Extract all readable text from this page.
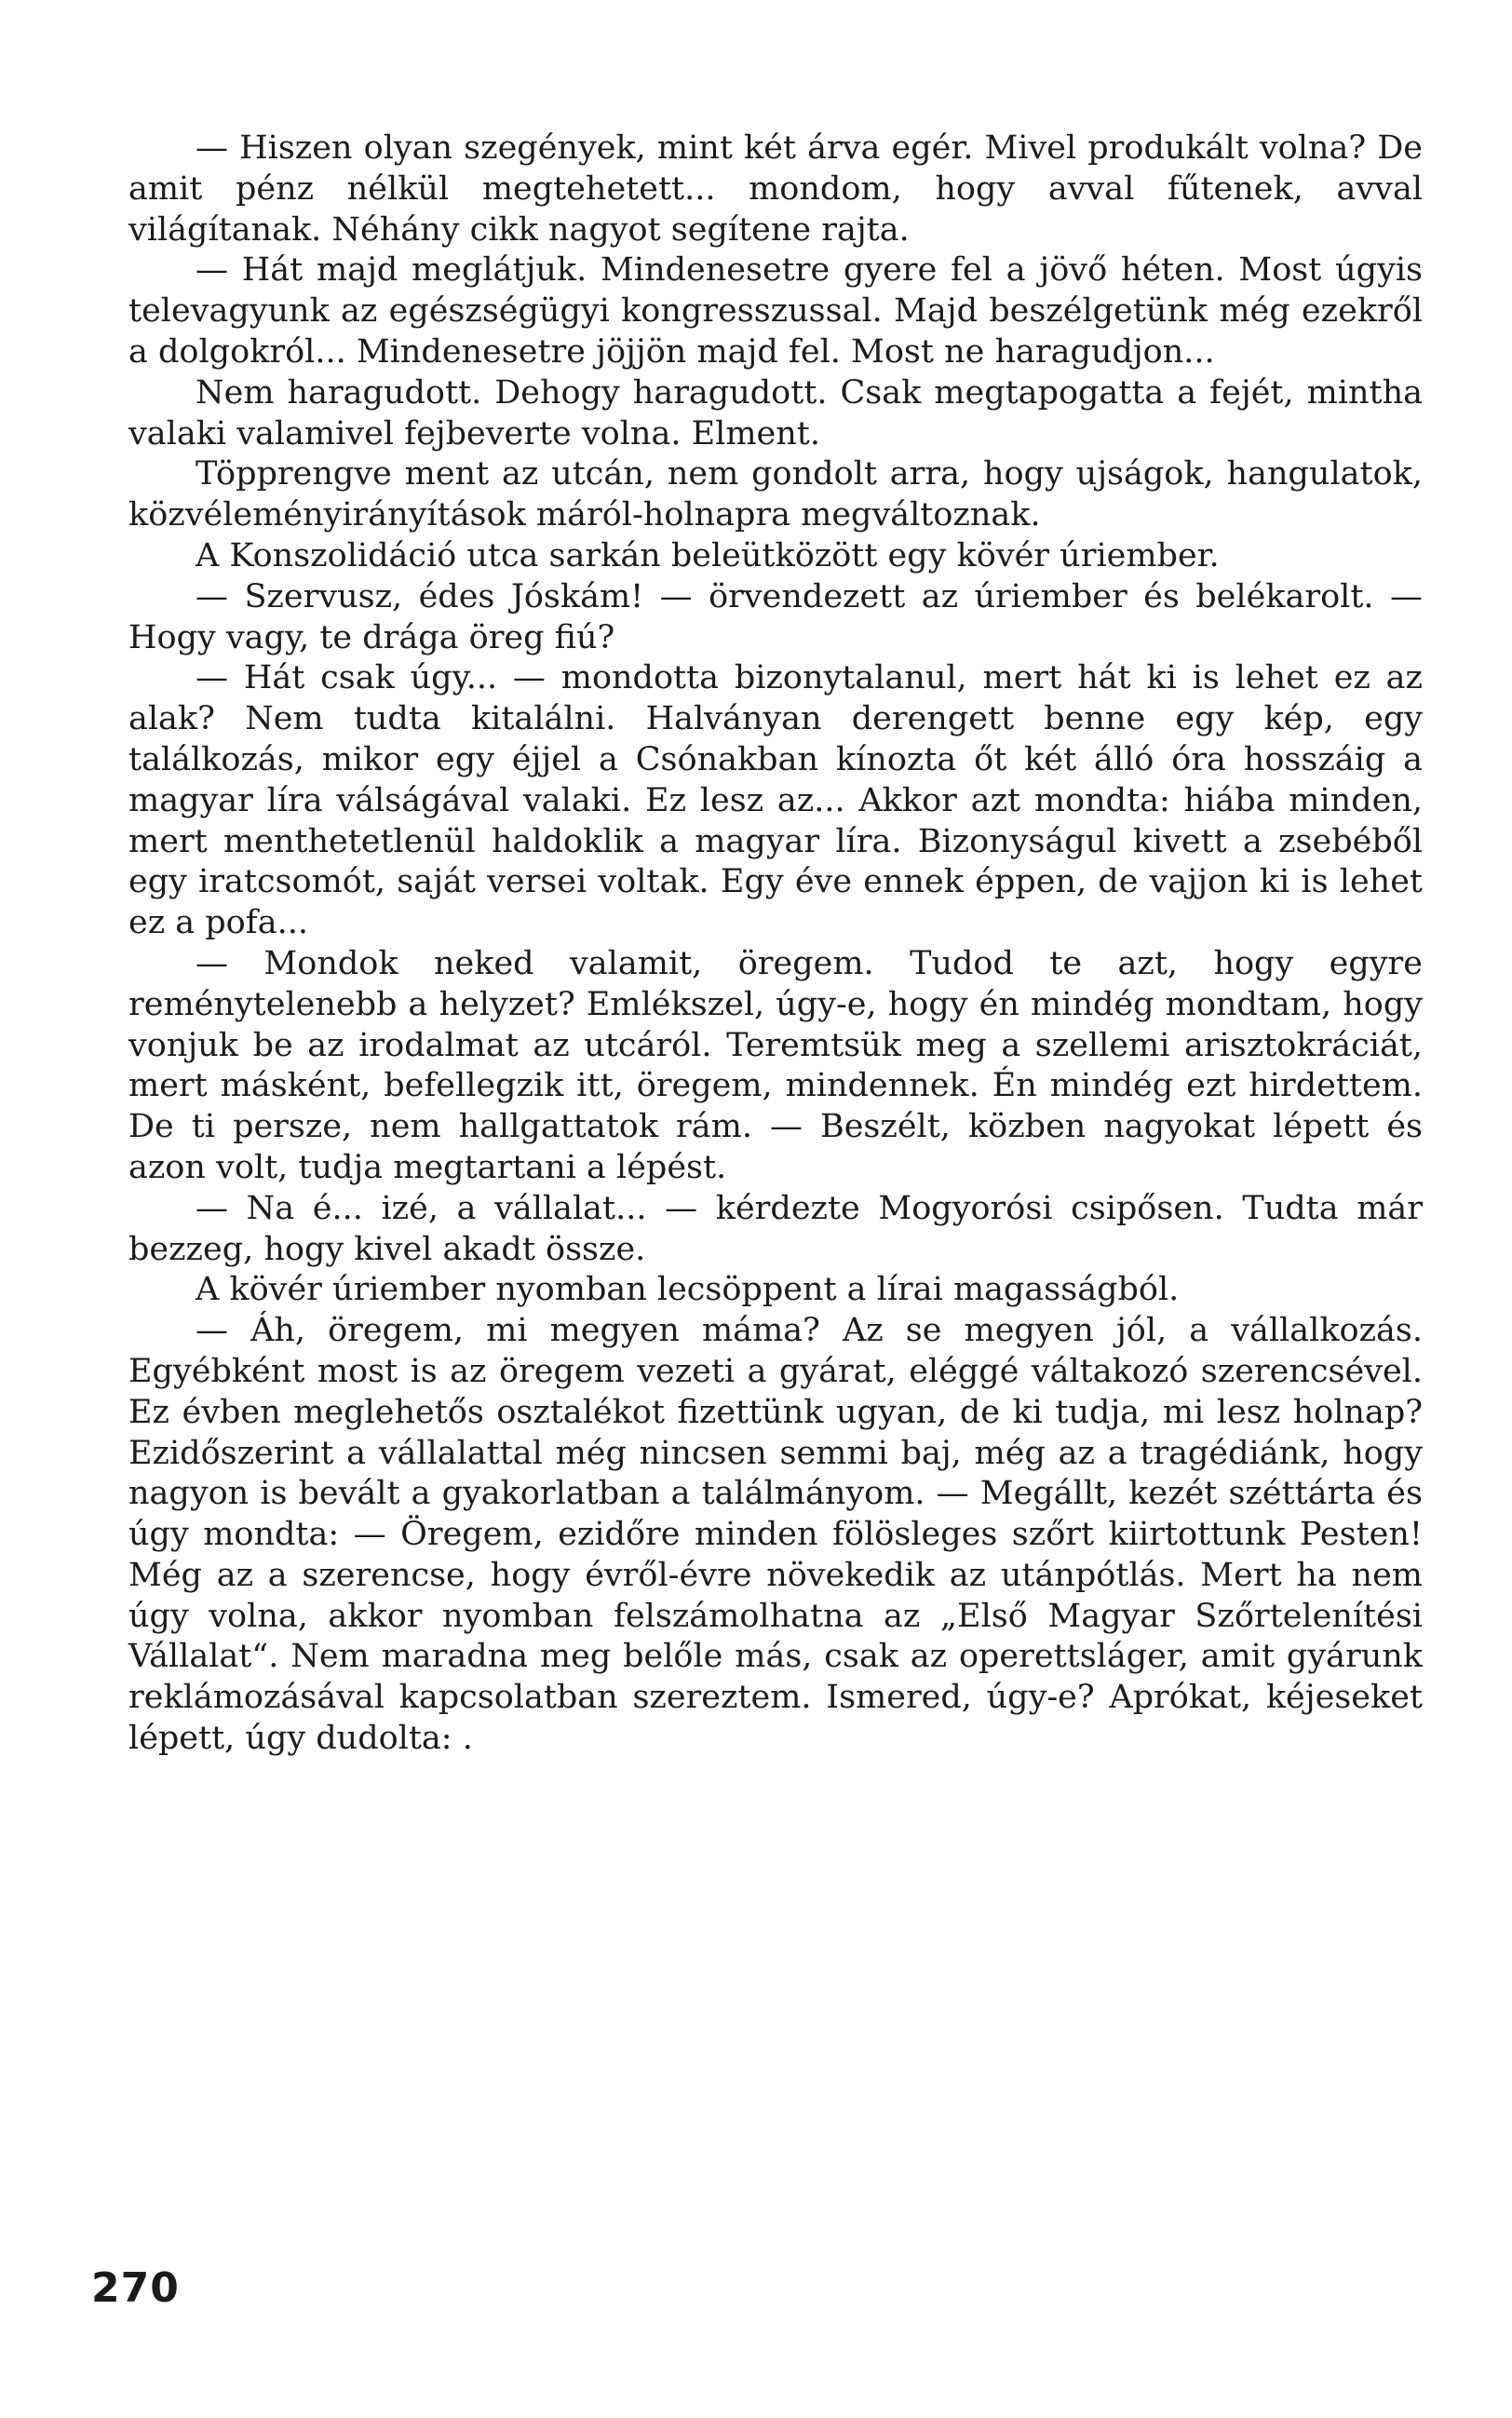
— Hiszen olyan szegények, mint két árva egér. Mivel produkált volna? De amit pénz nélkül megtehetett... mondom, hogy avval fűtenek, avval világítanak. Néhány cikk nagyot segítene rajta.

— Hát majd meglátjuk. Mindenesetre gyere fel a jövő héten. Most úgyis televagyunk az egészségügyi kongresszussal. Majd beszélgetünk még ezekről a dolgokról... Mindenesetre jöjjön majd fel. Most ne haragudjon...

Nem haragudott. Dehogy haragudott. Csak megtapogatta a fejét, mintha valaki valamivel fejbeverte volna. Elment.

Töpprengve ment az utcán, nem gondolt arra, hogy ujságok, hangulatok, közvéleményirányítások máról-holnapra megváltoznak.

A Konszolidáció utca sarkán beleütközött egy kövér úriember.

— Szervusz, édes Jóskám! — örvendezett az úriember és belékarolt. — Hogy vagy, te drága öreg fiú?

— Hát csak úgy... — mondotta bizonytalanul, mert hát ki is lehet ez az alak? Nem tudta kitalálni. Halványan derengett benne egy kép, egy találkozás, mikor egy éjjel a Csónakban kínozta őt két álló óra hosszáig a magyar líra válságával valaki. Ez lesz az... Akkor azt mondta: hiába minden, mert menthetetlenül haldoklik a magyar líra. Bizonyságul kivett a zsebéből egy iratcsomót, saját versei voltak. Egy éve ennek éppen, de vajjon ki is lehet ez a pofa...

— Mondok neked valamit, öregem. Tudod te azt, hogy egyre reménytelenebb a helyzet? Emlékszel, úgy-e, hogy én mindég mondtam, hogy vonjuk be az irodalmat az utcáról. Teremtsük meg a szellemi arisztokráciát, mert másként, befellegzik itt, öregem, mindennek. Én mindég ezt hirdettem. De ti persze, nem hallgattatok rám. — Beszélt, közben nagyokat lépett és azon volt, tudja megtartani a lépést.

— Na é... izé, a vállalat... — kérdezte Mogyorósi csipősen. Tudta már bezzeg, hogy kivel akadt össze.

A kövér úriember nyomban lecsöppent a lírai magasságból.

— Áh, öregem, mi megyen máma? Az se megyen jól, a vállalkozás. Egyébként most is az öregem vezeti a gyárat, eléggé váltakozó szerencsével. Ez évben meglehetős osztalékot fizettünk ugyan, de ki tudja, mi lesz holnap? Ezidőszerint a vállalattal még nincsen semmi baj, még az a tragédiánk, hogy nagyon is bevált a gyakorlatban a találmányom. — Megállt, kezét széttárta és úgy mondta: — Öregem, ezidőre minden fölösleges szőrt kiirtottunk Pesten! Még az a szerencse, hogy évről-évre növekedik az utánpótlás. Mert ha nem úgy volna, akkor nyomban felszámolhatna az „Első Magyar Szőrtelenítési Vállalat“. Nem maradna meg belőle más, csak az operettsláger, amit gyárunk reklámozásával kapcsolatban szereztem. Ismered, úgy-e? Aprókat, kéjeseket lépett, úgy dudolta: .

270
